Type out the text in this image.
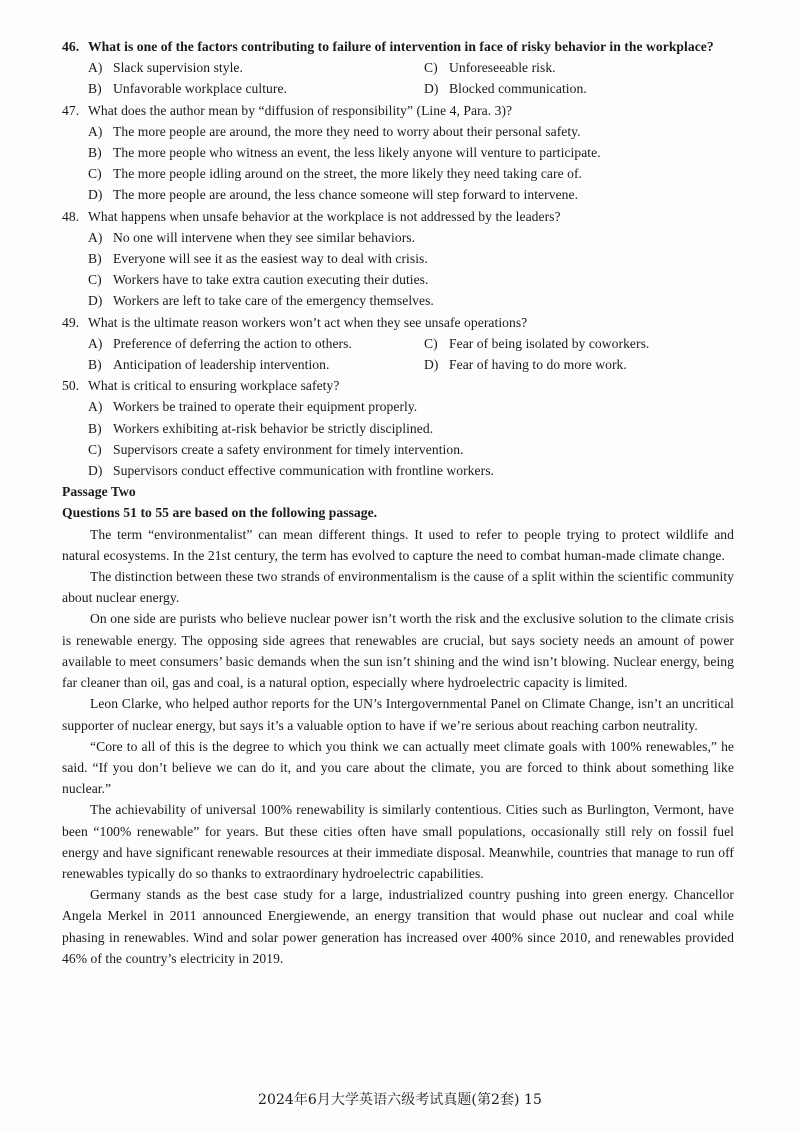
46. What is one of the factors contributing to failure of intervention in face of risky behavior in the workplace?
A) Slack supervision style.	C) Unforeseeable risk.
B) Unfavorable workplace culture.	D) Blocked communication.
47. What does the author mean by “diffusion of responsibility” (Line 4, Para. 3)?
A) The more people are around, the more they need to worry about their personal safety.
B) The more people who witness an event, the less likely anyone will venture to participate.
C) The more people idling around on the street, the more likely they need taking care of.
D) The more people are around, the less chance someone will step forward to intervene.
48. What happens when unsafe behavior at the workplace is not addressed by the leaders?
A) No one will intervene when they see similar behaviors.
B) Everyone will see it as the easiest way to deal with crisis.
C) Workers have to take extra caution executing their duties.
D) Workers are left to take care of the emergency themselves.
49. What is the ultimate reason workers won’t act when they see unsafe operations?
A) Preference of deferring the action to others.	C) Fear of being isolated by coworkers.
B) Anticipation of leadership intervention.	D) Fear of having to do more work.
50. What is critical to ensuring workplace safety?
A) Workers be trained to operate their equipment properly.
B) Workers exhibiting at-risk behavior be strictly disciplined.
C) Supervisors create a safety environment for timely intervention.
D) Supervisors conduct effective communication with frontline workers.
Passage Two
Questions 51 to 55 are based on the following passage.

The term “environmentalist” can mean different things. It used to refer to people trying to protect wildlife and natural ecosystems. In the 21st century, the term has evolved to capture the need to combat human-made climate change.

The distinction between these two strands of environmentalism is the cause of a split within the scientific community about nuclear energy.

On one side are purists who believe nuclear power isn’t worth the risk and the exclusive solution to the climate crisis is renewable energy. The opposing side agrees that renewables are crucial, but says society needs an amount of power available to meet consumers’ basic demands when the sun isn’t shining and the wind isn’t blowing. Nuclear energy, being far cleaner than oil, gas and coal, is a natural option, especially where hydroelectric capacity is limited.

Leon Clarke, who helped author reports for the UN’s Intergovernmental Panel on Climate Change, isn’t an uncritical supporter of nuclear energy, but says it’s a valuable option to have if we’re serious about reaching carbon neutrality.

“Core to all of this is the degree to which you think we can actually meet climate goals with 100% renewables,” he said. “If you don’t believe we can do it, and you care about the climate, you are forced to think about something like nuclear.”

The achievability of universal 100% renewability is similarly contentious. Cities such as Burlington, Vermont, have been “100% renewable” for years. But these cities often have small populations, occasionally still rely on fossil fuel energy and have significant renewable resources at their immediate disposal. Meanwhile, countries that manage to run off renewables typically do so thanks to extraordinary hydroelectric capabilities.

Germany stands as the best case study for a large, industrialized country pushing into green energy. Chancellor Angela Merkel in 2011 announced Energiewende, an energy transition that would phase out nuclear and coal while phasing in renewables. Wind and solar power generation has increased over 400% since 2010, and renewables provided 46% of the country’s electricity in 2019.

2024年6月大学英语六级考试真题(第2套) 15
